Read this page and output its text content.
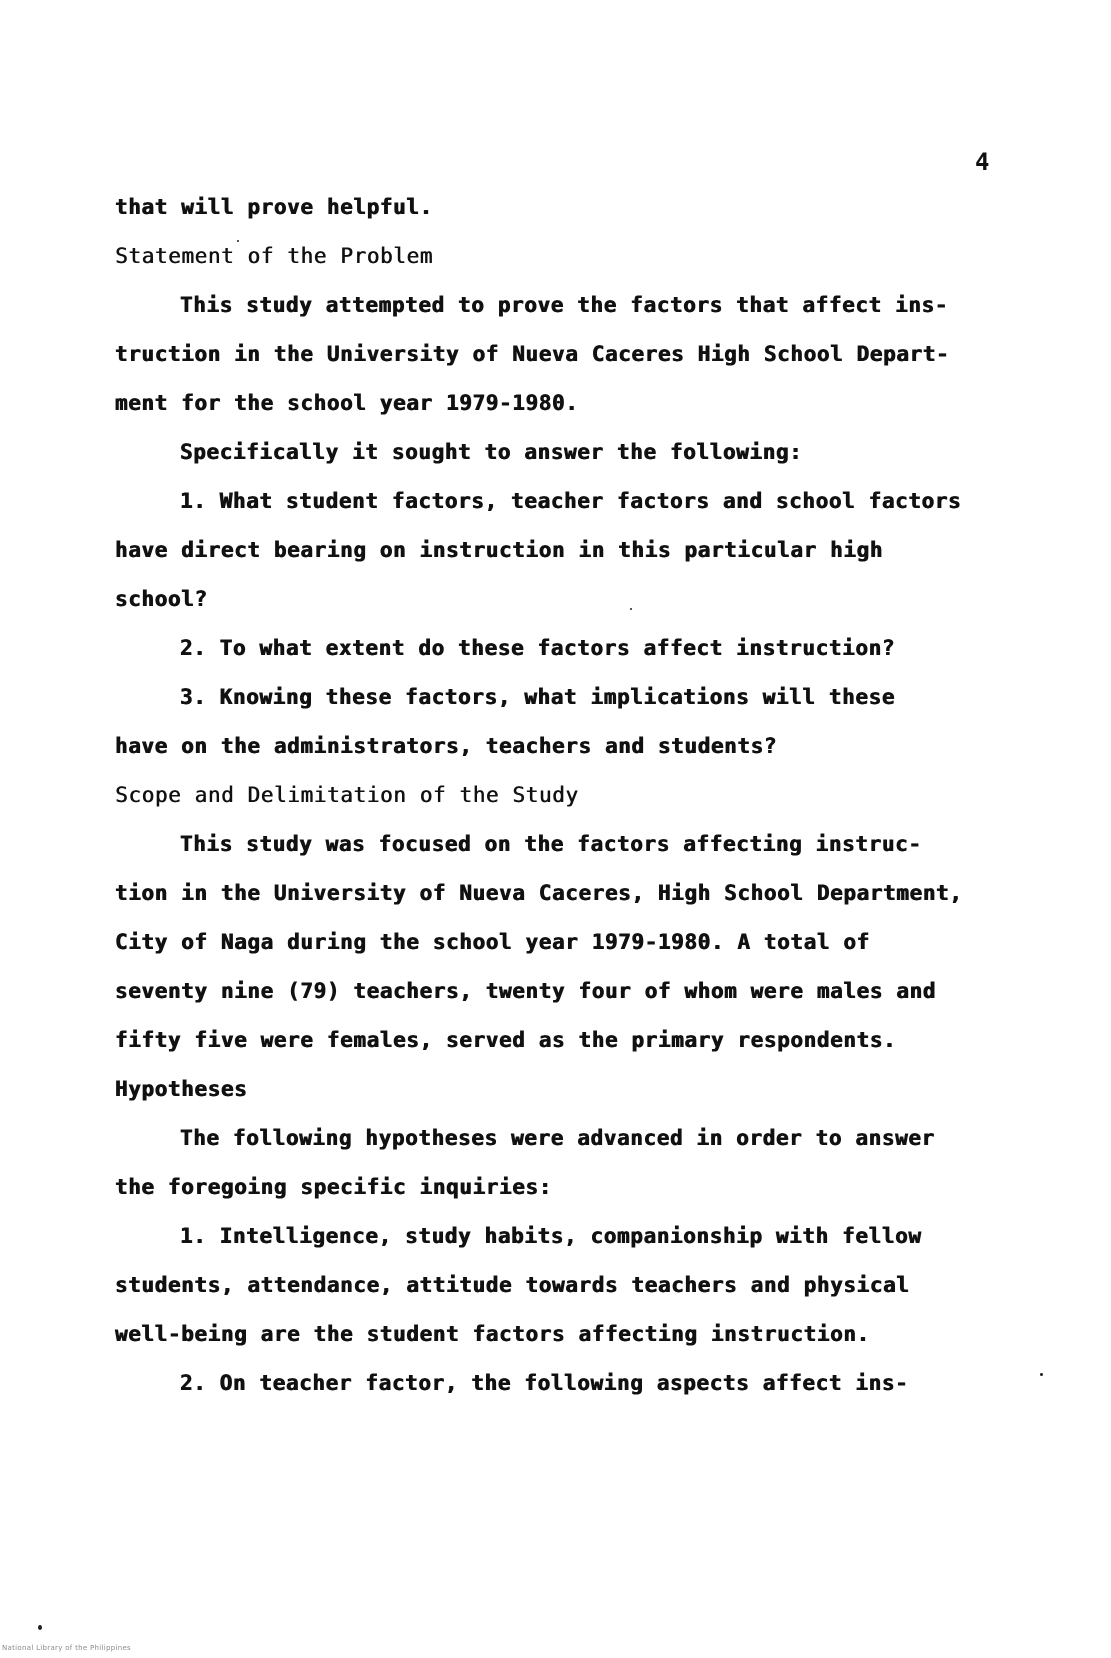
4
that will prove helpful.
Statement of the Problem
This study attempted to prove the factors that affect ins-
truction in the University of Nueva Caceres High School Depart-
ment for the school year 1979-1980.
Specifically it sought to answer the following:
1. What student factors, teacher factors and school factors
have direct bearing on instruction in this particular high
school?
2. To what extent do these factors affect instruction?
3. Knowing these factors, what implications will these
have on the administrators, teachers and students?
Scope and Delimitation of the Study
This study was focused on the factors affecting instruc-
tion in the University of Nueva Caceres, High School Department,
City of Naga during the school year 1979-1980. A total of
seventy nine (79) teachers, twenty four of whom were males and
fifty five were females, served as the primary respondents.
Hypotheses
The following hypotheses were advanced in order to answer
the foregoing specific inquiries:
1. Intelligence, study habits, companionship with fellow
students, attendance, attitude towards teachers and physical
well-being are the student factors affecting instruction.
2. On teacher factor, the following aspects affect ins-
National Library of the Philippines
